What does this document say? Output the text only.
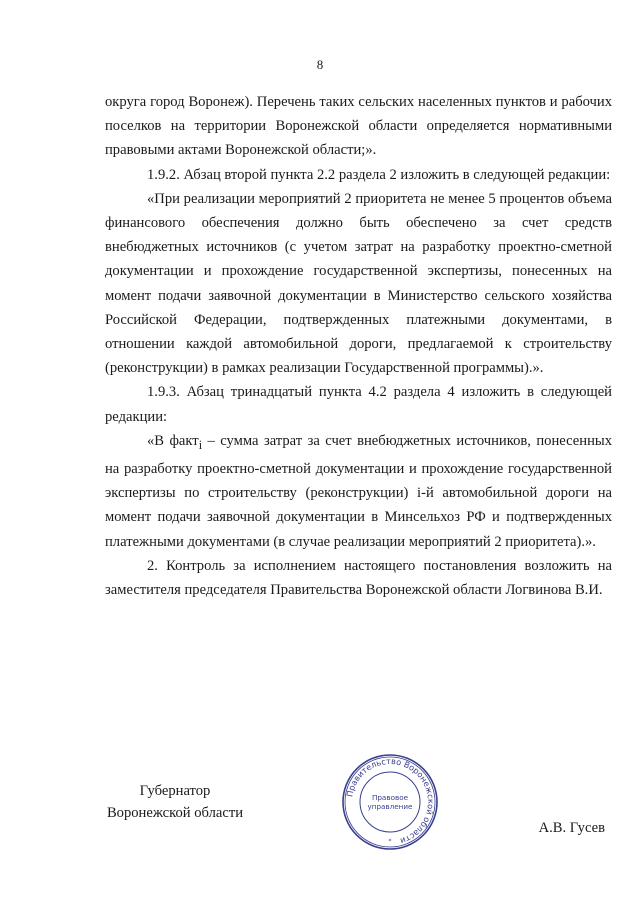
8

округа город Воронеж). Перечень таких сельских населенных пунктов и рабочих поселков на территории Воронежской области определяется нормативными правовыми актами Воронежской области;».

1.9.2. Абзац второй пункта 2.2 раздела 2 изложить в следующей редакции:

«При реализации мероприятий 2 приоритета не менее 5 процентов объема финансового обеспечения должно быть обеспечено за счет средств внебюджетных источников (с учетом затрат на разработку проектно-сметной документации и прохождение государственной экспертизы, понесенных на момент подачи заявочной документации в Министерство сельского хозяйства Российской Федерации, подтвержденных платежными документами, в отношении каждой автомобильной дороги, предлагаемой к строительству (реконструкции) в рамках реализации Государственной программы).».

1.9.3. Абзац тринадцатый пункта 4.2 раздела 4 изложить в следующей редакции:

«В факт$_i$ – сумма затрат за счет внебюджетных источников, понесенных на разработку проектно-сметной документации и прохождение государственной экспертизы по строительству (реконструкции) i-й автомобильной дороги на момент подачи заявочной документации в Минсельхоз РФ и подтвержденных платежными документами (в случае реализации мероприятий 2 приоритета).».

2. Контроль за исполнением настоящего постановления возложить на заместителя председателя Правительства Воронежской области Логвинова В.И.

Губернатор
Воронежской области
Правительство Воронежской области
Правовое
управление
*
А.В. Гусев
